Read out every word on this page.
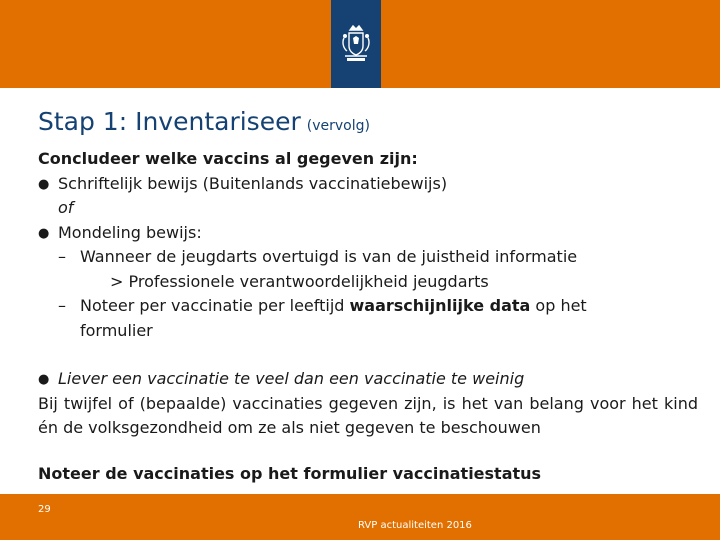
Stap 1: Inventariseer (vervolg)
Concludeer welke vaccins al gegeven zijn:
● Schriftelijk bewijs (Buitenlands vaccinatiebewijs)
of
● Mondeling bewijs:
– Wanneer de jeugdarts overtuigd is van de juistheid informatie
> Professionele verantwoordelijkheid jeugdarts
– Noteer per vaccinatie per leeftijd waarschijnlijke data op het
formulier
● Liever een vaccinatie te veel dan een vaccinatie te weinig
Bij twijfel of (bepaalde) vaccinaties gegeven zijn, is het van belang voor het kind én de volksgezondheid om ze als niet gegeven te beschouwen
Noteer de vaccinaties op het formulier vaccinatiestatus
29
RVP actualiteiten 2016
